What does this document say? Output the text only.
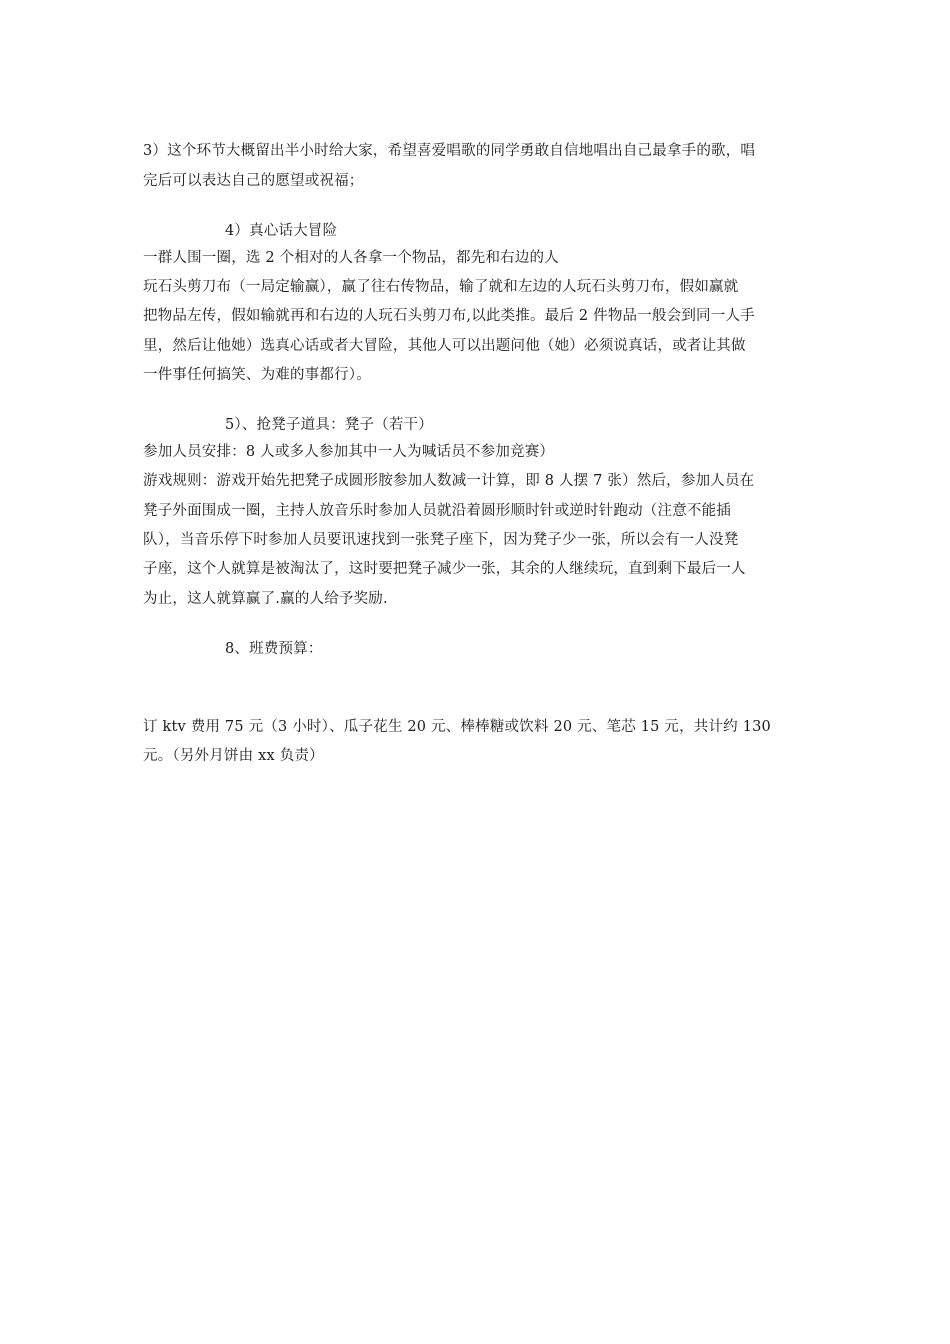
3）这个环节大概留出半小时给大家，希望喜爱唱歌的同学勇敢自信地唱出自己最拿手的歌，唱
完后可以表达自己的愿望或祝福；
4）真心话大冒险
一群人围一圈，选 2 个相对的人各拿一个物品，都先和右边的人
玩石头剪刀布（一局定输赢），赢了往右传物品，输了就和左边的人玩石头剪刀布，假如赢就
把物品左传，假如输就再和右边的人玩石头剪刀布,以此类推。最后 2 件物品一般会到同一人手
里，然后让他她）选真心话或者大冒险，其他人可以出题问他（她）必须说真话，或者让其做
一件事任何搞笑、为难的事都行）。
5）、抢凳子道具：凳子（若干）
参加人员安排：8 人或多人参加其中一人为喊话员不参加竞赛）
游戏规则：游戏开始先把凳子成圆形胺参加人数减一计算，即 8 人摆 7 张）然后，参加人员在
凳子外面围成一圈，主持人放音乐时参加人员就沿着圆形顺时针或逆时针跑动（注意不能插
队），当音乐停下时参加人员要讯速找到一张凳子座下，因为凳子少一张，所以会有一人没凳
子座，这个人就算是被淘汰了，这时要把凳子减少一张，其余的人继续玩，直到剩下最后一人
为止，这人就算赢了.赢的人给予奖励.
8、班费预算：
订 ktv 费用 75 元（3 小时）、瓜子花生 20 元、棒棒糖或饮料 20 元、笔芯 15 元，共计约 130
元。（另外月饼由 xx 负责）
